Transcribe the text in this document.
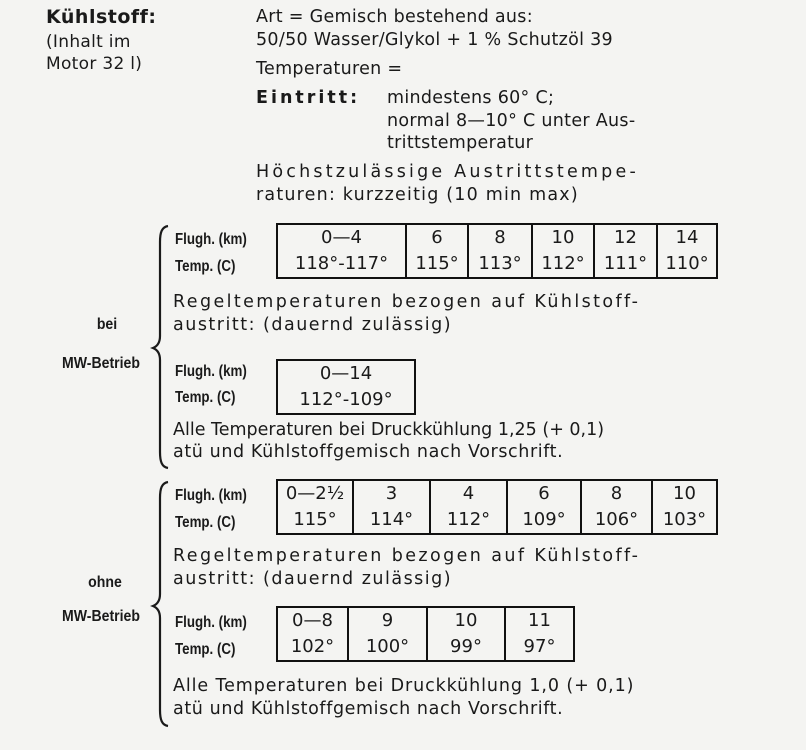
Kühlstoff:
(Inhalt im
Motor 32 l)
Art = Gemisch bestehend aus:
50/50 Wasser/Glykol + 1 % Schutzöl 39
Temperaturen =
Eintritt: mindestens 60° C;
normal 8—10° C unter Aus-
trittstemperatur
Höchstzulässige Austrittstempe-
raturen: kurzzeitig (10 min max)
bei
MW-Betrieb
Flugh. (km)
Temp. (C)
0—4	6	8	10	12	14
118°-117°	115°	113°	112°	111°	110°
Regeltemperaturen bezogen auf Kühlstoff-
austritt: (dauernd zulässig)
Flugh. (km)
Temp. (C)
0—14
112°-109°
Alle Temperaturen bei Druckkühlung 1,25 (+ 0,1)
atü und Kühlstoffgemisch nach Vorschrift.
ohne
MW-Betrieb
Flugh. (km)
Temp. (C)
0—2½	3	4	6	8	10
115°	114°	112°	109°	106°	103°
Regeltemperaturen bezogen auf Kühlstoff-
austritt: (dauernd zulässig)
Flugh. (km)
Temp. (C)
0—8	9	10	11
102°	100°	99°	97°
Alle Temperaturen bei Druckkühlung 1,0 (+ 0,1)
atü und Kühlstoffgemisch nach Vorschrift.
